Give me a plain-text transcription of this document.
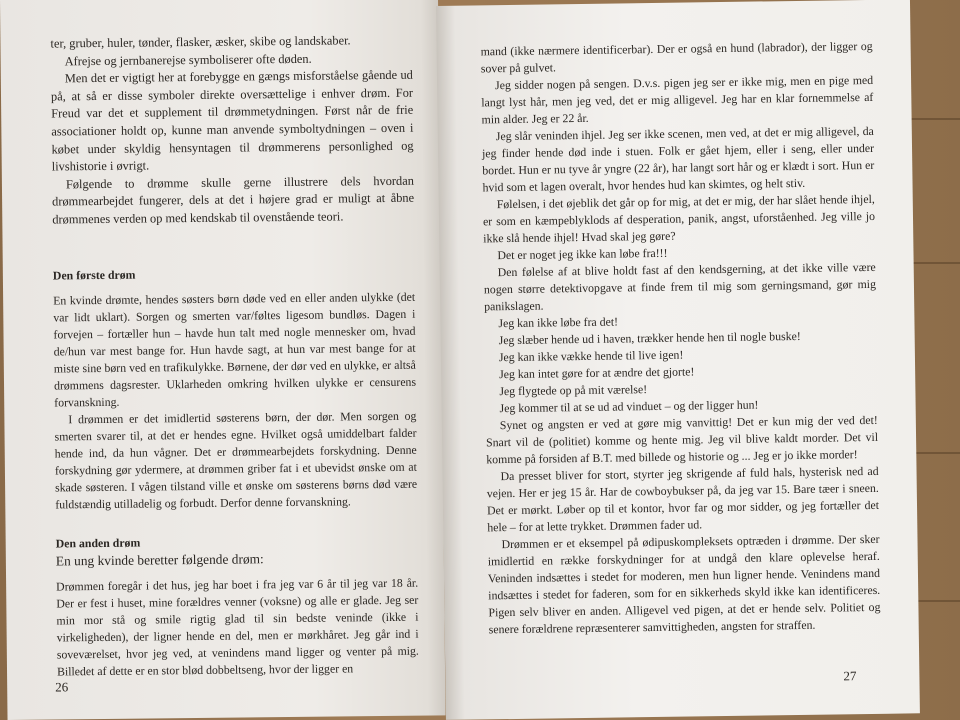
ter, gruber, huler, tønder, flasker, æsker, skibe og landskaber.

Afrejse og jernbanerejse symboliserer ofte døden.

Men det er vigtigt her at forebygge en gængs misforståelse gående ud på, at så er disse symboler direkte oversættelige i enhver drøm. For Freud var det et supplement til drømmetydningen. Først når de frie associationer holdt op, kunne man anvende symboltydningen – oven i købet under skyldig hensyntagen til drømmerens personlighed og livshistorie i øvrigt.

Følgende to drømme skulle gerne illustrere dels hvordan drømmearbejdet fungerer, dels at det i højere grad er muligt at åbne drømmenes verden op med kendskab til ovenstående teori.

Den første drøm

En kvinde drømte, hendes søsters børn døde ved en eller anden ulykke (det var lidt uklart). Sorgen og smerten var/føltes ligesom bundløs. Dagen i forvejen – fortæller hun – havde hun talt med nogle mennesker om, hvad de/hun var mest bange for. Hun havde sagt, at hun var mest bange for at miste sine børn ved en trafikulykke. Børnene, der dør ved en ulykke, er altså drømmens dagsrester. Uklarheden omkring hvilken ulykke er censurens forvanskning.

I drømmen er det imidlertid søsterens børn, der dør. Men sorgen og smerten svarer til, at det er hendes egne. Hvilket også umiddelbart falder hende ind, da hun vågner. Det er drømmearbejdets forskydning. Denne forskydning gør ydermere, at drømmen griber fat i et ubevidst ønske om at skade søsteren. I vågen tilstand ville et ønske om søsterens børns død være fuldstændig utilladelig og forbudt. Derfor denne forvanskning.

Den anden drøm

En ung kvinde beretter følgende drøm:

Drømmen foregår i det hus, jeg har boet i fra jeg var 6 år til jeg var 18 år. Der er fest i huset, mine forældres venner (voksne) og alle er glade. Jeg ser min mor stå og smile rigtig glad til sin bedste veninde (ikke i virkeligheden), der ligner hende en del, men er mørkhåret. Jeg går ind i soveværelset, hvor jeg ved, at venindens mand ligger og venter på mig. Billedet af dette er en stor blød dobbeltseng, hvor der ligger en

26

mand (ikke nærmere identificerbar). Der er også en hund (labrador), der ligger og sover på gulvet.

Jeg sidder nogen på sengen. D.v.s. pigen jeg ser er ikke mig, men en pige med langt lyst hår, men jeg ved, det er mig alligevel. Jeg har en klar fornemmelse af min alder. Jeg er 22 år.

Jeg slår veninden ihjel. Jeg ser ikke scenen, men ved, at det er mig alligevel, da jeg finder hende død inde i stuen. Folk er gået hjem, eller i seng, eller under bordet. Hun er nu tyve år yngre (22 år), har langt sort hår og er klædt i sort. Hun er hvid som et lagen overalt, hvor hendes hud kan skimtes, og helt stiv.

Følelsen, i det øjeblik det går op for mig, at det er mig, der har slået hende ihjel, er som en kæmpeblyklods af desperation, panik, angst, uforståenhed. Jeg ville jo ikke slå hende ihjel! Hvad skal jeg gøre?

Det er noget jeg ikke kan løbe fra!!!

Den følelse af at blive holdt fast af den kendsgerning, at det ikke ville være nogen større detektivopgave at finde frem til mig som gerningsmand, gør mig panikslagen.

Jeg kan ikke løbe fra det!

Jeg slæber hende ud i haven, trækker hende hen til nogle buske!

Jeg kan ikke vække hende til live igen!

Jeg kan intet gøre for at ændre det gjorte!

Jeg flygtede op på mit værelse!

Jeg kommer til at se ud ad vinduet – og der ligger hun!

Synet og angsten er ved at gøre mig vanvittig! Det er kun mig der ved det! Snart vil de (politiet) komme og hente mig. Jeg vil blive kaldt morder. Det vil komme på forsiden af B.T. med billede og historie og ... Jeg er jo ikke morder!

Da presset bliver for stort, styrter jeg skrigende af fuld hals, hysterisk ned ad vejen. Her er jeg 15 år. Har de cowboybukser på, da jeg var 15. Bare tæer i sneen. Det er mørkt. Løber op til et kontor, hvor far og mor sidder, og jeg fortæller det hele – for at lette trykket. Drømmen fader ud.

Drømmen er et eksempel på ødipuskompleksets optræden i drømme. Der sker imidlertid en række forskydninger for at undgå den klare oplevelse heraf. Veninden indsættes i stedet for moderen, men hun ligner hende. Venindens mand indsættes i stedet for faderen, som for en sikkerheds skyld ikke kan identificeres. Pigen selv bliver en anden. Alligevel ved pigen, at det er hende selv. Politiet og senere forældrene repræsenterer samvittigheden, angsten for straffen.

27
